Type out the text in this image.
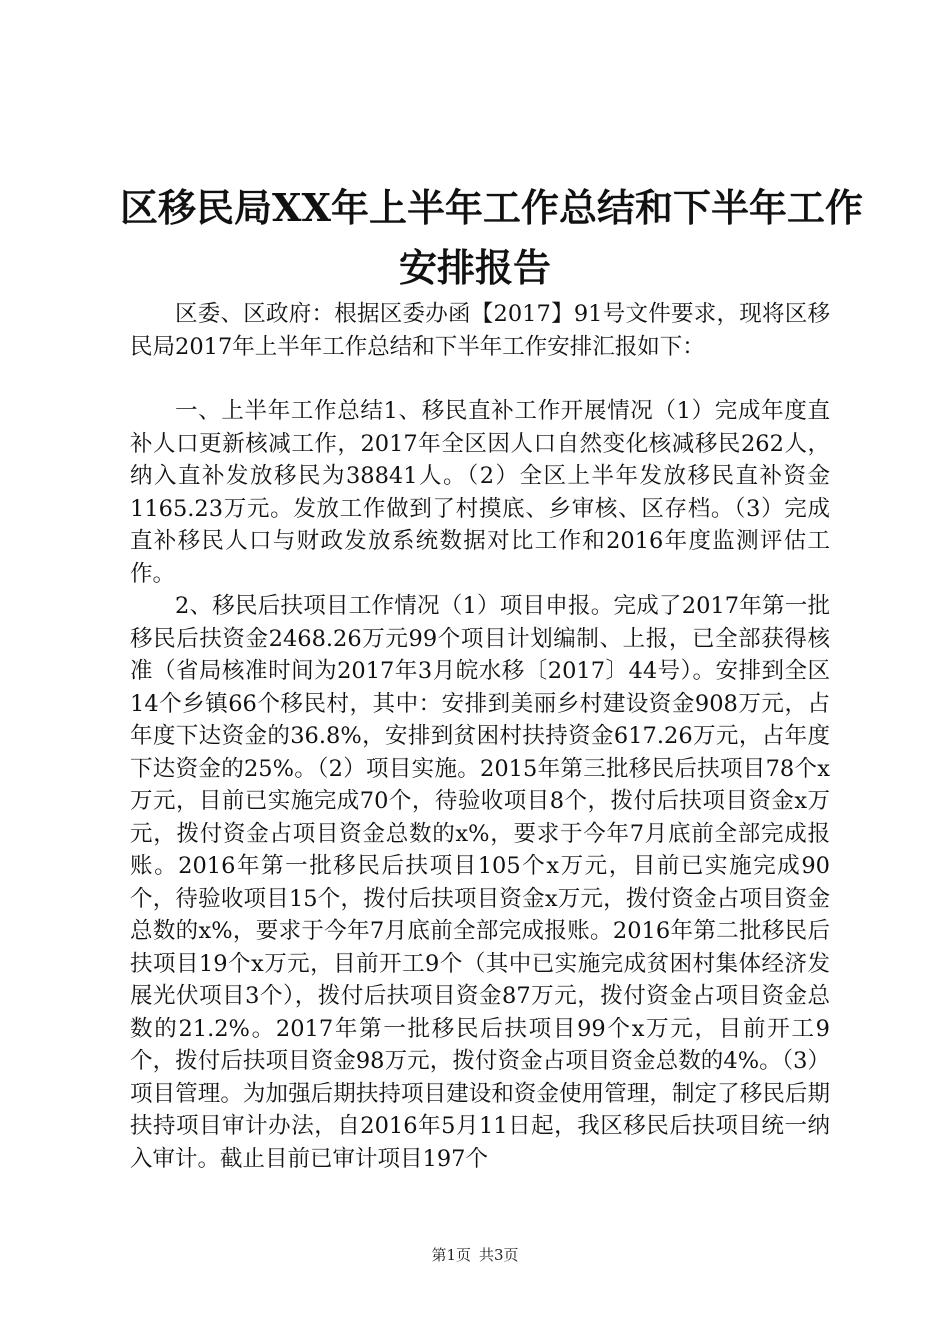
区移民局XX年上半年工作总结和下半年工作
安排报告

区委、区政府：根据区委办函【2017】91号文件要求，现将区移民局2017年上半年工作总结和下半年工作安排汇报如下：

一、上半年工作总结1、移民直补工作开展情况（1）完成年度直补人口更新核减工作，2017年全区因人口自然变化核减移民262人，纳入直补发放移民为38841人。（2）全区上半年发放移民直补资金1165.23万元。发放工作做到了村摸底、乡审核、区存档。（3）完成直补移民人口与财政发放系统数据对比工作和2016年度监测评估工作。

2、移民后扶项目工作情况（1）项目申报。完成了2017年第一批移民后扶资金2468.26万元99个项目计划编制、上报，已全部获得核准（省局核准时间为2017年3月皖水移〔2017〕44号）。安排到全区14个乡镇66个移民村，其中：安排到美丽乡村建设资金908万元，占年度下达资金的36.8%，安排到贫困村扶持资金617.26万元，占年度下达资金的25%。（2）项目实施。2015年第三批移民后扶项目78个x万元，目前已实施完成70个，待验收项目8个，拨付后扶项目资金x万元，拨付资金占项目资金总数的x%，要求于今年7月底前全部完成报账。2016年第一批移民后扶项目105个x万元，目前已实施完成90个，待验收项目15个，拨付后扶项目资金x万元，拨付资金占项目资金总数的x%，要求于今年7月底前全部完成报账。2016年第二批移民后扶项目19个x万元，目前开工9个（其中已实施完成贫困村集体经济发展光伏项目3个），拨付后扶项目资金87万元，拨付资金占项目资金总数的21.2%。2017年第一批移民后扶项目99个x万元，目前开工9个，拨付后扶项目资金98万元，拨付资金占项目资金总数的4%。（3）项目管理。为加强后期扶持项目建设和资金使用管理，制定了移民后期扶持项目审计办法，自2016年5月11日起，我区移民后扶项目统一纳入审计。截止目前已审计项目197个

第1页 共3页
